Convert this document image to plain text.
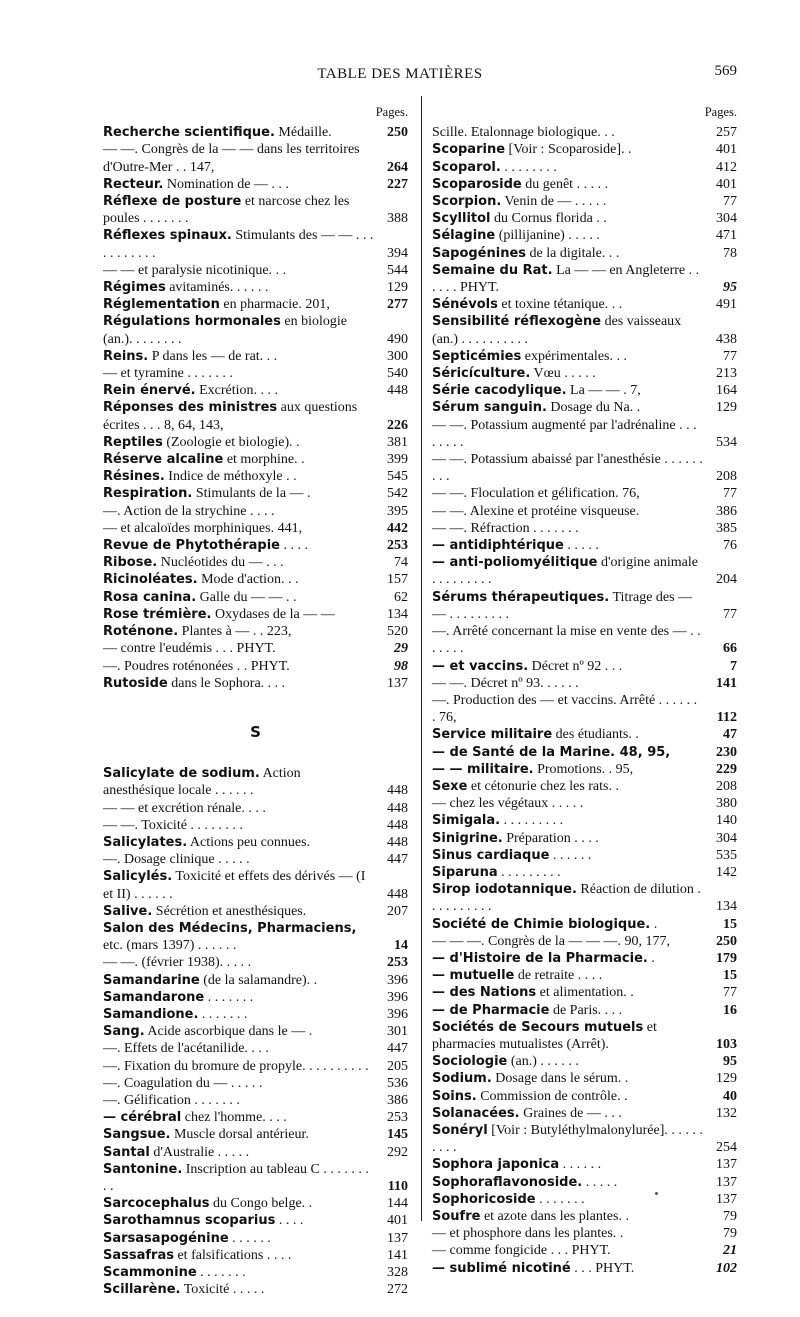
TABLE DES MATIÈRES	569
Pages.
Recherche scientifique. Médaille.	250
— —. Congrès de la — — dans les territoires d'Outre-Mer . . 147,	264
Recteur. Nomination de — . . .	227
Réflexe de posture et narcose chez les poules . . . . . . .	388
Réflexes spinaux. Stimulants des — — . . . . . . . . . . .	394
— — et paralysie nicotinique. . .	544
Régimes avitaminés. . . . . .	129
Réglementation en pharmacie. 201,	277
Régulations hormonales en biologie (an.). . . . . . . .	490
Reins. P dans les — de rat. . .	300
— et tyramine . . . . . . .	540
Rein énervé. Excrétion. . . .	448
Réponses des ministres aux questions écrites . . . 8, 64, 143,	226
Reptiles (Zoologie et biologie). .	381
Réserve alcaline et morphine. .	399
Résines. Indice de méthoxyle . .	545
Respiration. Stimulants de la — .	542
—. Action de la strychine . . . .	395
— et alcaloïdes morphiniques. 441,	442
Revue de Phytothérapie . . . .	253
Ribose. Nucléotides du — . . .	74
Ricinoléates. Mode d'action. . .	157
Rosa canina. Galle du — — . .	62
Rose trémière. Oxydases de la — —	134
Roténone. Plantes à — . . 223,	520
— contre l'eudémis . . . PHYT.	29
—. Poudres roténonées . . PHYT.	98
Rutoside dans le Sophora. . . .	137
S
Salicylate de sodium. Action anesthésique locale . . . . . .	448
— — et excrétion rénale. . . .	448
— —. Toxicité . . . . . . . .	448
Salicylates. Actions peu connues.	448
—. Dosage clinique . . . . .	447
Salicylés. Toxicité et effets des dérivés — (I et II) . . . . . .	448
Salive. Sécrétion et anesthésiques.	207
Salon des Médecins, Pharmaciens, etc. (mars 1397) . . . . . .	14
— —. (février 1938). . . . .	253
Samandarine (de la salamandre). .	396
Samandarone . . . . . . .	396
Samandione. . . . . . . .	396
Sang. Acide ascorbique dans le — .	301
—. Effets de l'acétanilide. . . .	447
—. Fixation du bromure de propyle. . . . . . . . . .	205
—. Coagulation du — . . . . .	536
—. Gélification . . . . . . .	386
— cérébral chez l'homme. . . .	253
Sangsue. Muscle dorsal antérieur.	145
Santal d'Australie . . . . .	292
Santonine. Inscription au tableau C . . . . . . . . .	110
Sarcocephalus du Congo belge. .	144
Sarothamnus scoparius . . . .	401
Sarsasapogénine . . . . . .	137
Sassafras et falsifications . . . .	141
Scammonine . . . . . . .	328
Scillarène. Toxicité . . . . .	272
Pages.
Scille. Etalonnage biologique. . .	257
Scoparine [Voir : Scoparoside]. .	401
Scoparol. . . . . . . . .	412
Scoparoside du genêt . . . . .	401
Scorpion. Venin de — . . . . .	77
Scyllitol du Cornus florida . .	304
Sélagine (pillijanine) . . . . .	471
Sapogénines de la digitale. . .	78
Semaine du Rat. La — — en Angleterre . . . . . . PHYT.	95
Sénévols et toxine tétanique. . .	491
Sensibilité réflexogène des vaisseaux (an.) . . . . . . . . . .	438
Septicémies expérimentales. . .	77
Séricículture. Vœu . . . . .	213
Série cacodylique. La — — . 7,	164
Sérum sanguin. Dosage du Na. .	129
— —. Potassium augmenté par l'adrénaline . . . . . . . .	534
— —. Potassium abaissé par l'anesthésie . . . . . . . . .	208
— —. Floculation et gélification. 76,	77
— —. Alexine et protéine visqueuse.	386
— —. Réfraction . . . . . . .	385
— antidiphtérique . . . . .	76
— anti-poliomyélitique d'origine animale . . . . . . . . .	204
Sérums thérapeutiques. Titrage des — — . . . . . . . . .	77
—. Arrêté concernant la mise en vente des — . . . . . . .	66
— et vaccins. Décret nº 92 . . .	7
— —. Décret nº 93. . . . . .	141
—. Production des — et vaccins. Arrêté . . . . . . . 76,	112
Service militaire des étudiants. .	47
— de Santé de la Marine. 48, 95,	230
— — militaire. Promotions. . 95,	229
Sexe et cétonurie chez les rats. .	208
— chez les végétaux . . . . .	380
Simigala. . . . . . . . . .	140
Sinigrine. Préparation . . . .	304
Sinus cardiaque . . . . . .	535
Siparuna . . . . . . . . .	142
Sirop iodotannique. Réaction de dilution . . . . . . . . . .	134
Société de Chimie biologique. .	15
— — —. Congrès de la — — —. 90, 177,	250
— d'Histoire de la Pharmacie. .	179
— mutuelle de retraite . . . .	15
— des Nations et alimentation. .	77
— de Pharmacie de Paris. . . .	16
Sociétés de Secours mutuels et pharmacies mutualistes (Arrêt).	103
Sociologie (an.) . . . . . .	95
Sodium. Dosage dans le sérum. .	129
Soins. Commission de contrôle. .	40
Solanacées. Graines de — . . .	132
Sonéryl [Voir : Butyléthylmalonylurée]. . . . . . . . . .	254
Sophora japonica . . . . . .	137
Sophoraflavonoside. . . . . .	137
Sophoricoside . . . . . . .	137
Soufre et azote dans les plantes. .	79
— et phosphore dans les plantes. .	79
— comme fongicide . . . PHYT.	21
— sublimé nicotiné . . . PHYT.	102
